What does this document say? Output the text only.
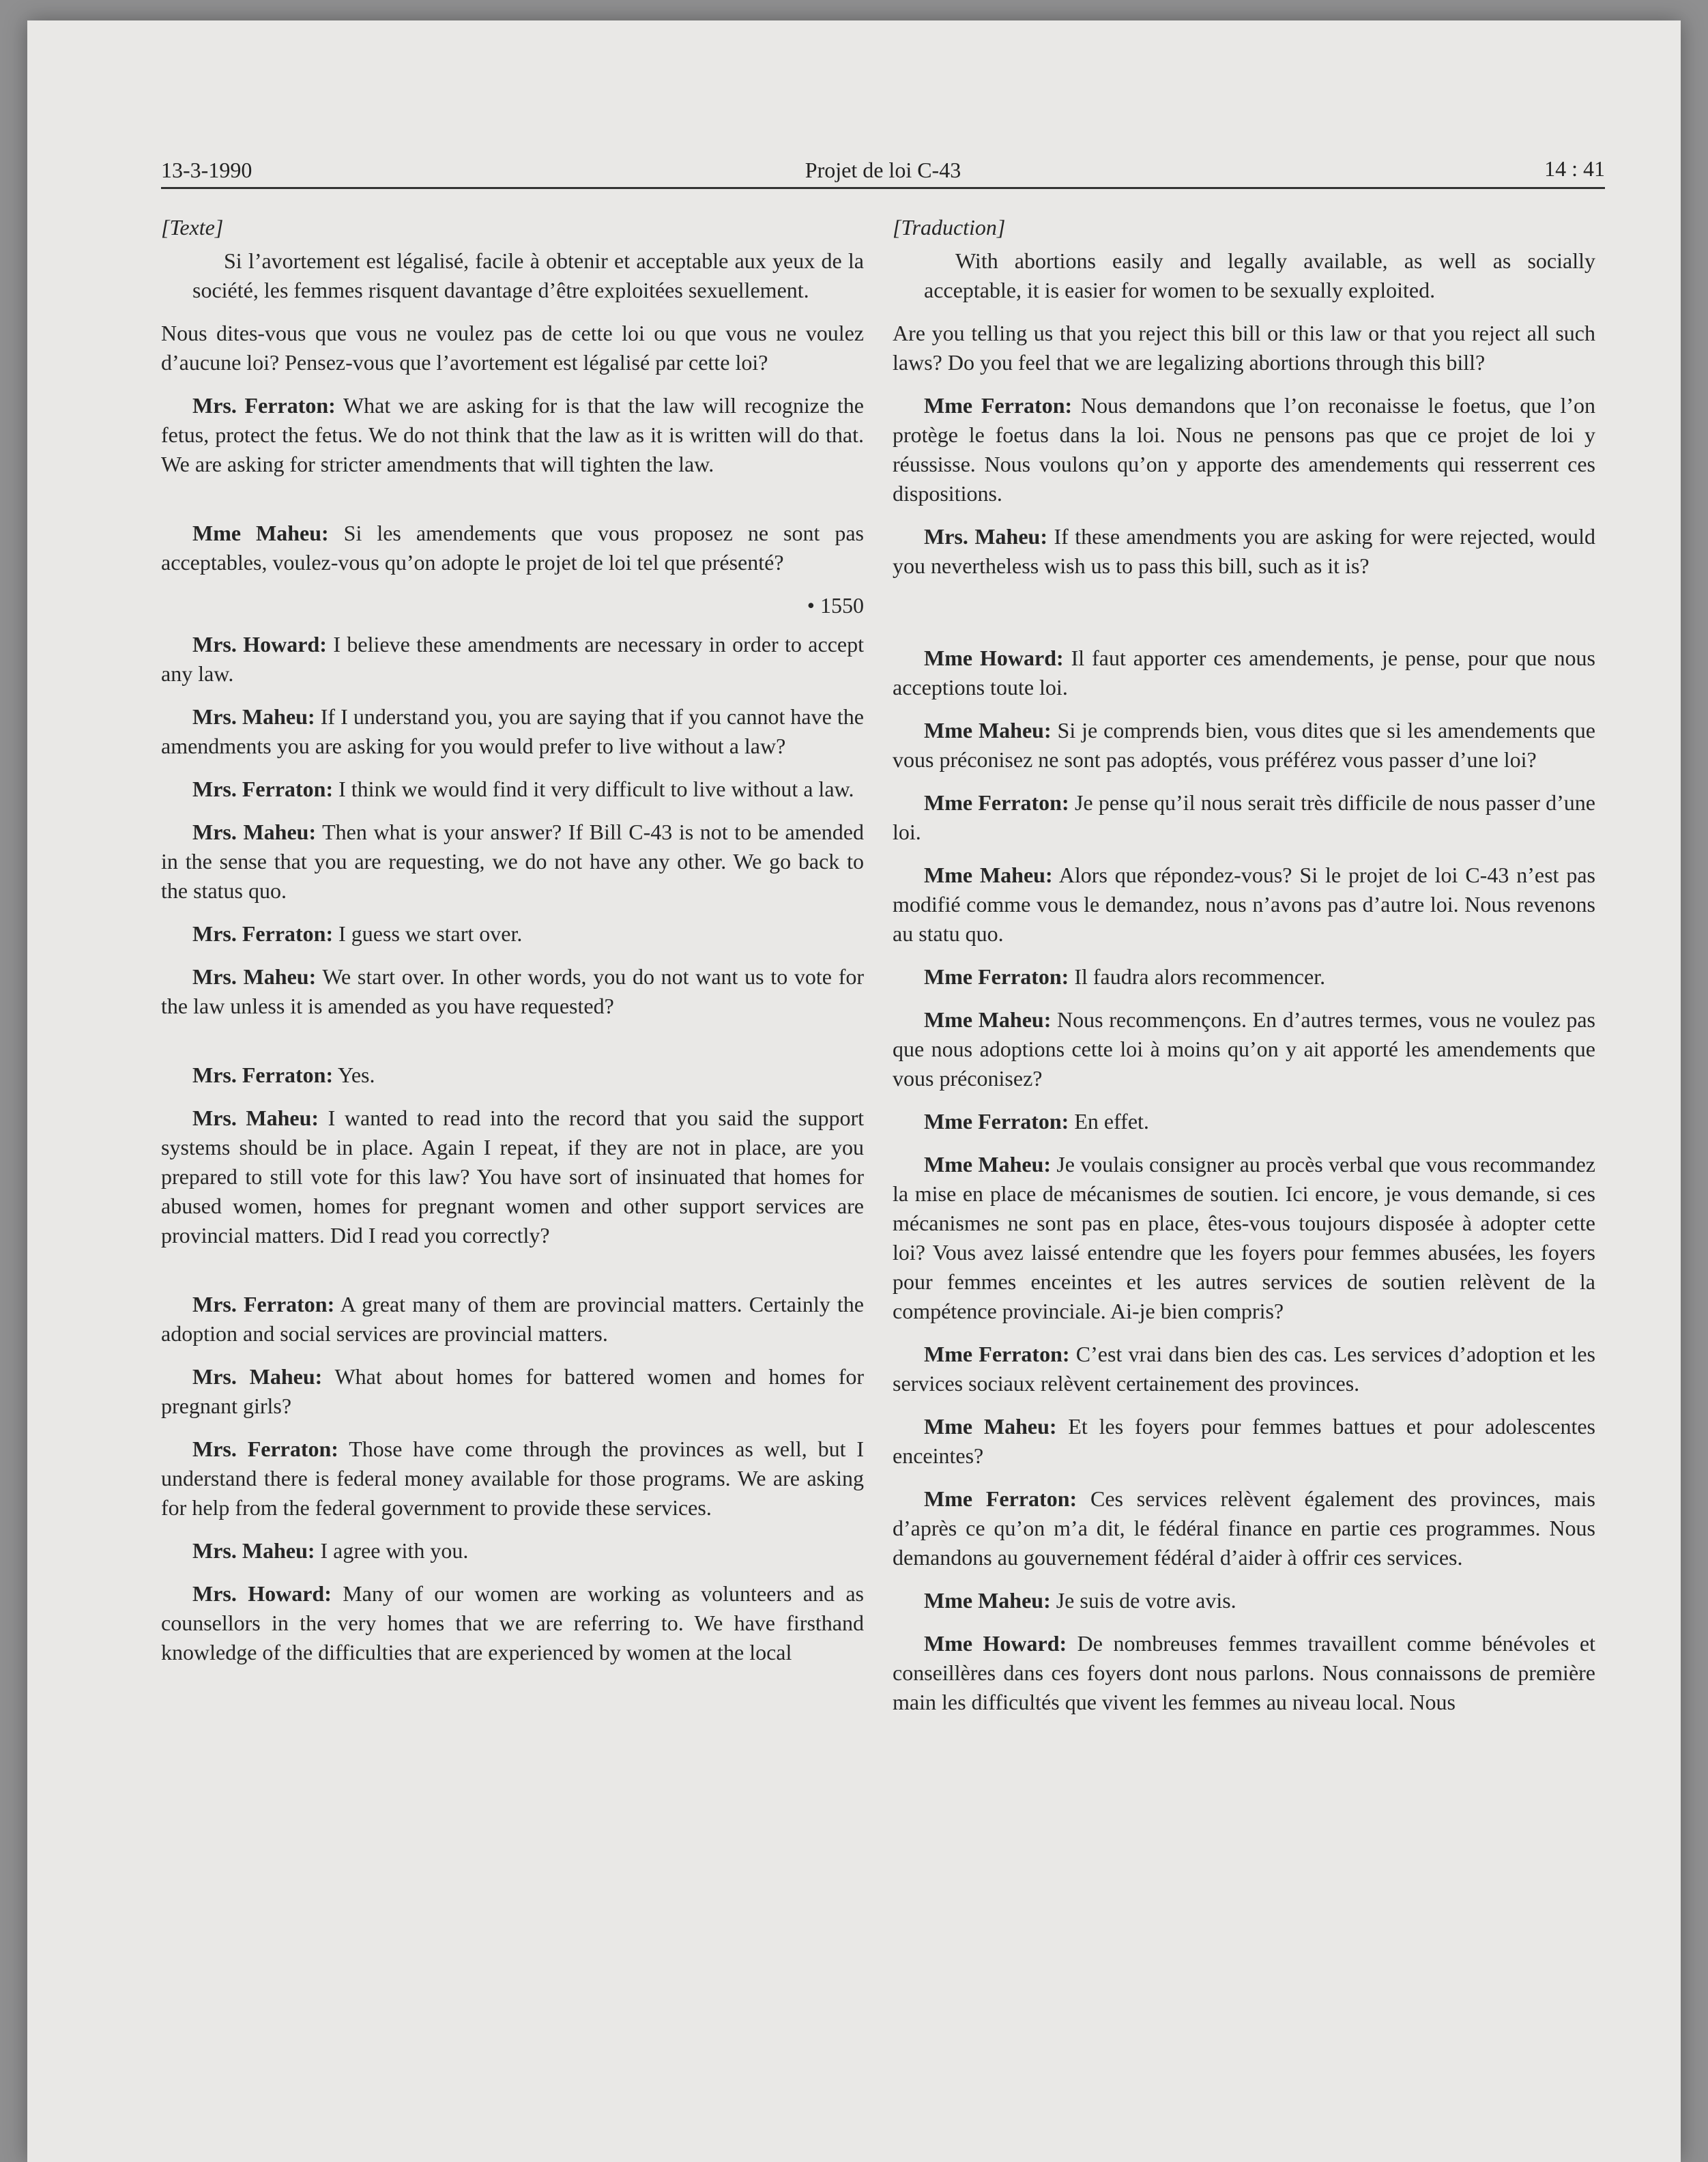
13-3-1990	Projet de loi C-43	14 : 41

[Texte]

Si l’avortement est légalisé, facile à obtenir et acceptable aux yeux de la société, les femmes risquent davantage d’être exploitées sexuellement.

Nous dites-vous que vous ne voulez pas de cette loi ou que vous ne voulez d’aucune loi? Pensez-vous que l’avortement est légalisé par cette loi?

Mrs. Ferraton: What we are asking for is that the law will recognize the fetus, protect the fetus. We do not think that the law as it is written will do that. We are asking for stricter amendments that will tighten the law.

Mme Maheu: Si les amendements que vous proposez ne sont pas acceptables, voulez-vous qu’on adopte le projet de loi tel que présenté?

• 1550

Mrs. Howard: I believe these amendments are necessary in order to accept any law.

Mrs. Maheu: If I understand you, you are saying that if you cannot have the amendments you are asking for you would prefer to live without a law?

Mrs. Ferraton: I think we would find it very difficult to live without a law.

Mrs. Maheu: Then what is your answer? If Bill C-43 is not to be amended in the sense that you are requesting, we do not have any other. We go back to the status quo.

Mrs. Ferraton: I guess we start over.

Mrs. Maheu: We start over. In other words, you do not want us to vote for the law unless it is amended as you have requested?

Mrs. Ferraton: Yes.

Mrs. Maheu: I wanted to read into the record that you said the support systems should be in place. Again I repeat, if they are not in place, are you prepared to still vote for this law? You have sort of insinuated that homes for abused women, homes for pregnant women and other support services are provincial matters. Did I read you correctly?

Mrs. Ferraton: A great many of them are provincial matters. Certainly the adoption and social services are provincial matters.

Mrs. Maheu: What about homes for battered women and homes for pregnant girls?

Mrs. Ferraton: Those have come through the provinces as well, but I understand there is federal money available for those programs. We are asking for help from the federal government to provide these services.

Mrs. Maheu: I agree with you.

Mrs. Howard: Many of our women are working as volunteers and as counsellors in the very homes that we are referring to. We have firsthand knowledge of the difficulties that are experienced by women at the local

[Traduction]

With abortions easily and legally available, as well as socially acceptable, it is easier for women to be sexually exploited.

Are you telling us that you reject this bill or this law or that you reject all such laws? Do you feel that we are legalizing abortions through this bill?

Mme Ferraton: Nous demandons que l’on reconaisse le foetus, que l’on protège le foetus dans la loi. Nous ne pensons pas que ce projet de loi y réussisse. Nous voulons qu’on y apporte des amendements qui resserrent ces dispositions.

Mrs. Maheu: If these amendments you are asking for were rejected, would you nevertheless wish us to pass this bill, such as it is?

Mme Howard: Il faut apporter ces amendements, je pense, pour que nous acceptions toute loi.

Mme Maheu: Si je comprends bien, vous dites que si les amendements que vous préconisez ne sont pas adoptés, vous préférez vous passer d’une loi?

Mme Ferraton: Je pense qu’il nous serait très difficile de nous passer d’une loi.

Mme Maheu: Alors que répondez-vous? Si le projet de loi C-43 n’est pas modifié comme vous le demandez, nous n’avons pas d’autre loi. Nous revenons au statu quo.

Mme Ferraton: Il faudra alors recommencer.

Mme Maheu: Nous recommençons. En d’autres termes, vous ne voulez pas que nous adoptions cette loi à moins qu’on y ait apporté les amendements que vous préconisez?

Mme Ferraton: En effet.

Mme Maheu: Je voulais consigner au procès verbal que vous recommandez la mise en place de mécanismes de soutien. Ici encore, je vous demande, si ces mécanismes ne sont pas en place, êtes-vous toujours disposée à adopter cette loi? Vous avez laissé entendre que les foyers pour femmes abusées, les foyers pour femmes enceintes et les autres services de soutien relèvent de la compétence provinciale. Ai-je bien compris?

Mme Ferraton: C’est vrai dans bien des cas. Les services d’adoption et les services sociaux relèvent certainement des provinces.

Mme Maheu: Et les foyers pour femmes battues et pour adolescentes enceintes?

Mme Ferraton: Ces services relèvent également des provinces, mais d’après ce qu’on m’a dit, le fédéral finance en partie ces programmes. Nous demandons au gouvernement fédéral d’aider à offrir ces services.

Mme Maheu: Je suis de votre avis.

Mme Howard: De nombreuses femmes travaillent comme bénévoles et conseillères dans ces foyers dont nous parlons. Nous connaissons de première main les difficultés que vivent les femmes au niveau local. Nous
